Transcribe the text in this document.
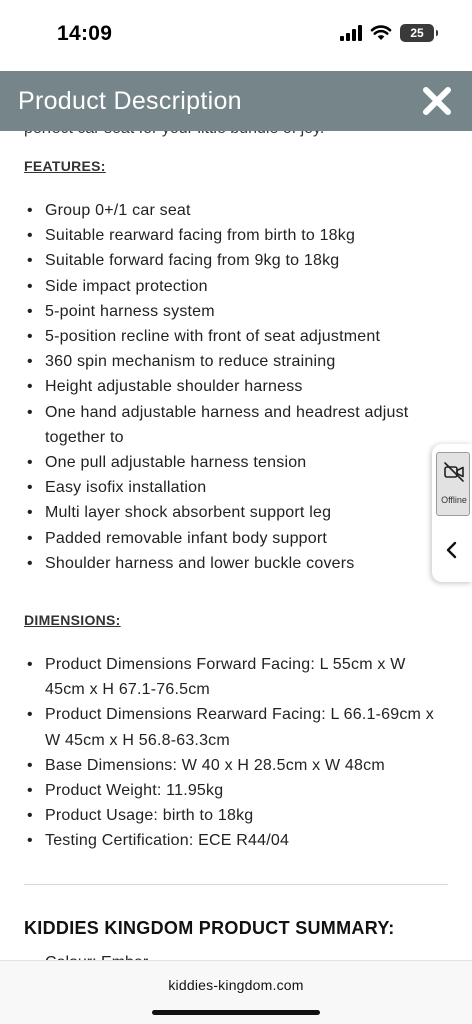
14:09	25
FEATURES:
• Group 0+/1 car seat
• Suitable rearward facing from birth to 18kg
• Suitable forward facing from 9kg to 18kg
• Side impact protection
• 5-point harness system
• 5-position recline with front of seat adjustment
• 360 spin mechanism to reduce straining
• Height adjustable shoulder harness
• One hand adjustable harness and headrest adjust together to
• One pull adjustable harness tension
• Easy isofix installation
• Multi layer shock absorbent support leg
• Padded removable infant body support
• Shoulder harness and lower buckle covers
DIMENSIONS:
• Product Dimensions Forward Facing: L 55cm x W 45cm x H 67.1-76.5cm
• Product Dimensions Rearward Facing: L 66.1-69cm x W 45cm x H 56.8-63.3cm
• Base Dimensions: W 40 x H 28.5cm x W 48cm
• Product Weight: 11.95kg
• Product Usage: birth to 18kg
• Testing Certification: ECE R44/04
KIDDIES KINGDOM PRODUCT SUMMARY:
Product Description
Offline
kiddies-kingdom.com
